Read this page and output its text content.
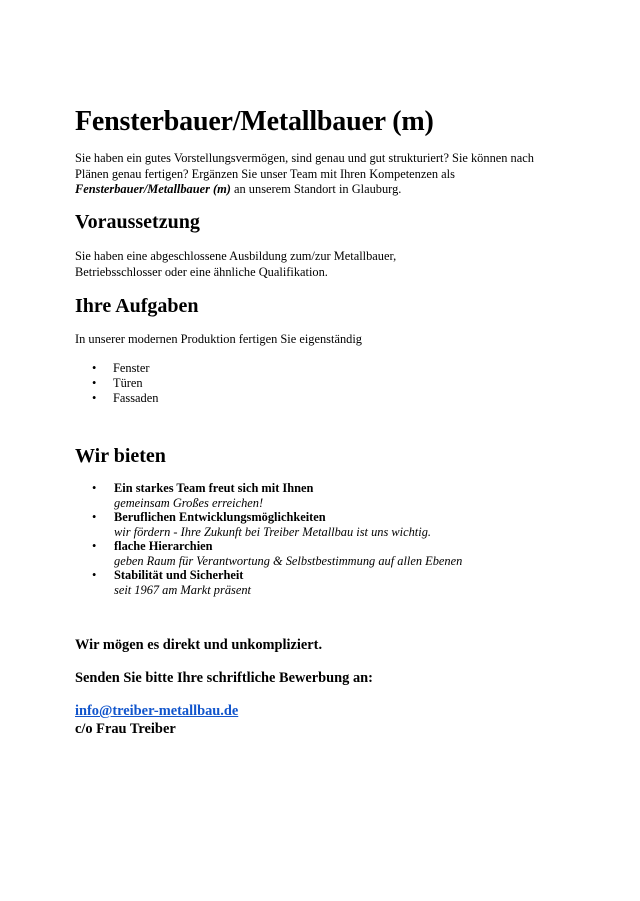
Fensterbauer/Metallbauer (m)

Sie haben ein gutes Vorstellungsvermögen, sind genau und gut strukturiert? Sie können nach
Plänen genau fertigen? Ergänzen Sie unser Team mit Ihren Kompetenzen als
Fensterbauer/Metallbauer (m) an unserem Standort in Glauburg.

Voraussetzung

Sie haben eine abgeschlossene Ausbildung zum/zur Metallbauer,
Betriebsschlosser oder eine ähnliche Qualifikation.

Ihre Aufgaben

In unserer modernen Produktion fertigen Sie eigenständig

• Fenster
• Türen
• Fassaden
Wir bieten
• Ein starkes Team freut sich mit Ihnen
gemeinsam Großes erreichen!
• Beruflichen Entwicklungsmöglichkeiten
wir fördern - Ihre Zukunft bei Treiber Metallbau ist uns wichtig.
• flache Hierarchien
geben Raum für Verantwortung & Selbstbestimmung auf allen Ebenen
• Stabilität und Sicherheit
seit 1967 am Markt präsent

Wir mögen es direkt und unkompliziert.

Senden Sie bitte Ihre schriftliche Bewerbung an:

info@treiber-metallbau.de

c/o Frau Treiber
